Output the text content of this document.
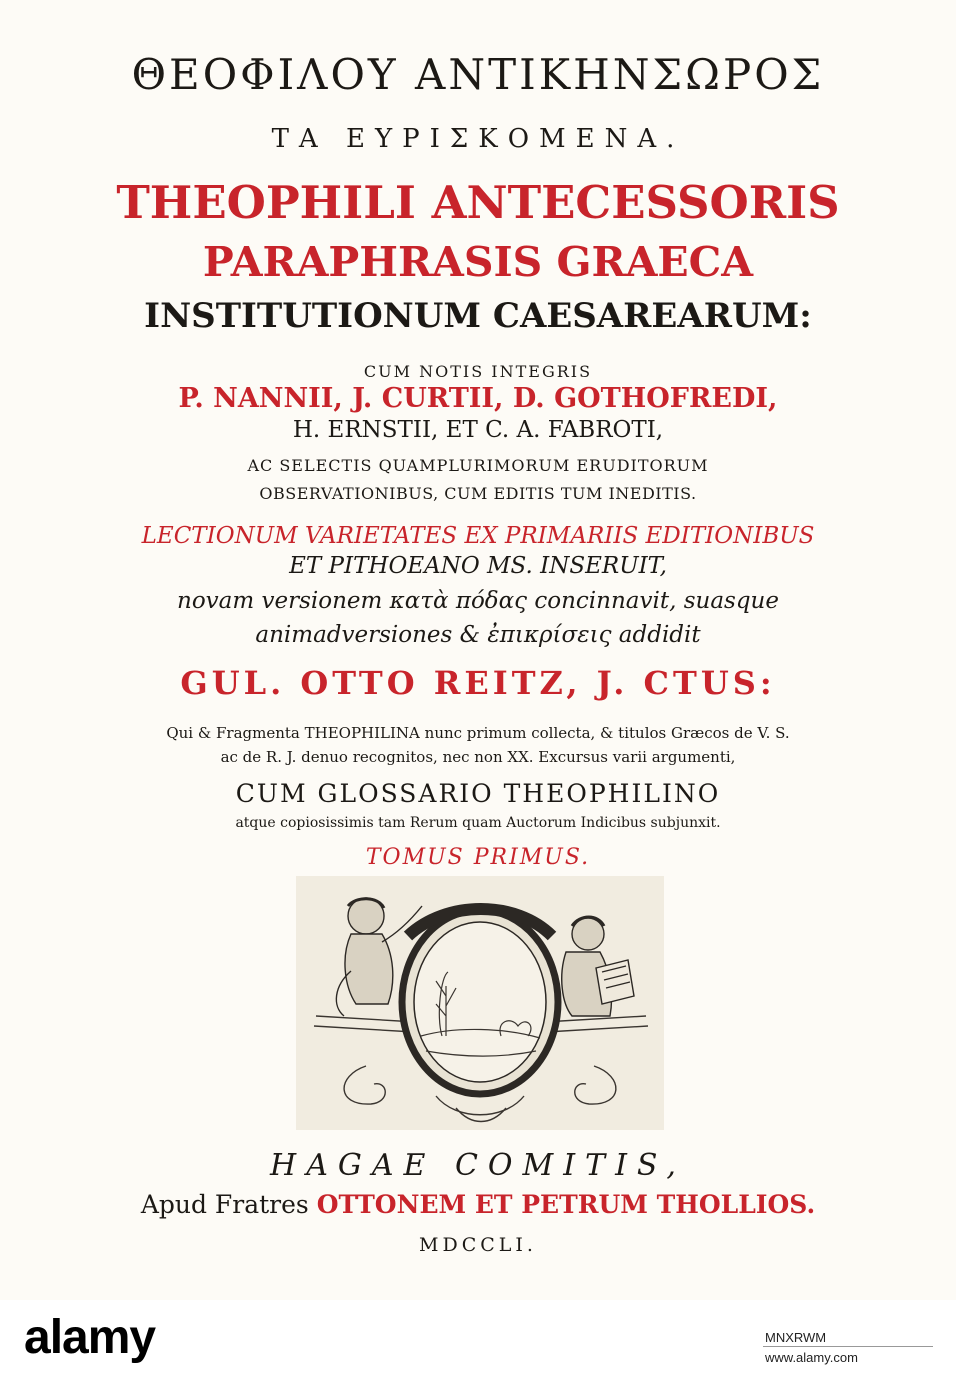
ΘΕΟΦΙΛΟΥ ΑΝΤΙΚΗΝΣΩΡΟΣ
ΤΑ ΕΥΡΙΣΚΟΜΕΝΑ.
THEOPHILI ANTECESSORIS
PARAPHRASIS GRAECA
INSTITUTIONUM CAESAREARUM:
CUM NOTIS INTEGRIS
P. NANNII, J. CURTII, D. GOTHOFREDI,
H. ERNSTII, ET C. A. FABROTI,
AC SELECTIS QUAMPLURIMORUM ERUDITORUM
OBSERVATIONIBUS, CUM EDITIS TUM INEDITIS.
LECTIONUM VARIETATES EX PRIMARIIS EDITIONIBUS
ET PITHOEANO MS. INSERUIT,
novam versionem κατὰ πόδας concinnavit, suasque
animadversiones & ἐπικρίσεις addidit
GUL. OTTO REITZ, J. CTUS:
Qui & Fragmenta THEOPHILINA nunc primum collecta, & titulos Græcos de V. S.
ac de R. J. denuo recognitos, nec non XX. Excursus varii argumenti,
CUM GLOSSARIO THEOPHILINO
atque copiosissimis tam Rerum quam Auctorum Indicibus subjunxit.
TOMUS PRIMUS.
HAGAE COMITIS,
Apud Fratres OTTONEM ET PETRUM THOLLIOS.
MDCCLI.
alamy	MNXRWM
www.alamy.com
